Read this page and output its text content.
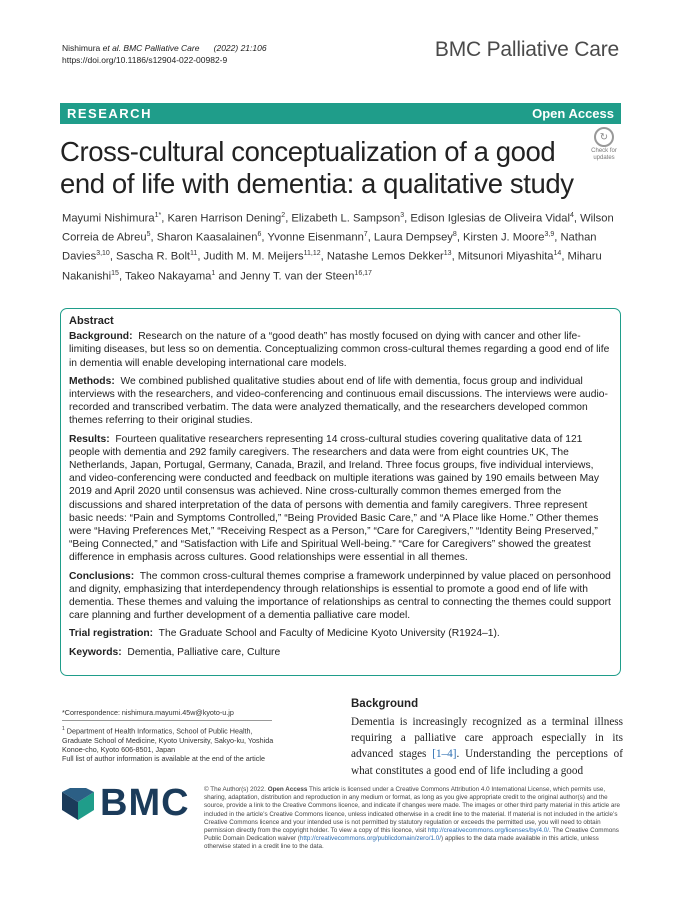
Nishimura et al. BMC Palliative Care (2022) 21:106
https://doi.org/10.1186/s12904-022-00982-9	BMC Palliative Care
RESEARCH	Open Access
Cross-cultural conceptualization of a good end of life with dementia: a qualitative study
↻
Check for
updates
Mayumi Nishimura$^{1*}$, Karen Harrison Dening$^2$, Elizabeth L. Sampson$^3$, Edison Iglesias de Oliveira Vidal$^4$, Wilson Correia de Abreu$^5$, Sharon Kaasalainen$^6$, Yvonne Eisenmann$^7$, Laura Dempsey$^8$, Kirsten J. Moore$^{3,9}$, Nathan Davies$^{3,10}$, Sascha R. Bolt$^{11}$, Judith M. M. Meijers$^{11,12}$, Natashe Lemos Dekker$^{13}$, Mitsunori Miyashita$^{14}$, Miharu Nakanishi$^{15}$, Takeo Nakayama$^1$ and Jenny T. van der Steen$^{16,17}$
Abstract

Background: Research on the nature of a “good death” has mostly focused on dying with cancer and other life-limiting diseases, but less so on dementia. Conceptualizing common cross-cultural themes regarding a good end of life in dementia will enable developing international care models.

Methods: We combined published qualitative studies about end of life with dementia, focus group and individual interviews with the researchers, and video-conferencing and continuous email discussions. The interviews were audio-recorded and transcribed verbatim. The data were analyzed thematically, and the researchers developed common themes referring to their original studies.

Results: Fourteen qualitative researchers representing 14 cross-cultural studies covering qualitative data of 121 people with dementia and 292 family caregivers. The researchers and data were from eight countries UK, The Netherlands, Japan, Portugal, Germany, Canada, Brazil, and Ireland. Three focus groups, five individual interviews, and video-conferencing were conducted and feedback on multiple iterations was gained by 190 emails between May 2019 and April 2020 until consensus was achieved. Nine cross-culturally common themes emerged from the discussions and shared interpretation of the data of persons with dementia and family caregivers. Three represent basic needs: “Pain and Symptoms Controlled,” “Being Provided Basic Care,” and “A Place like Home.” Other themes were “Having Preferences Met,” “Receiving Respect as a Person,” “Care for Caregivers,” “Identity Being Preserved,” “Being Connected,” and “Satisfaction with Life and Spiritual Well-being.” “Care for Caregivers” showed the greatest difference in emphasis across cultures. Good relationships were essential in all themes.

Conclusions: The common cross-cultural themes comprise a framework underpinned by value placed on personhood and dignity, emphasizing that interdependency through relationships is essential to promote a good end of life with dementia. These themes and valuing the importance of relationships as central to connecting the themes could support care planning and further development of a dementia palliative care model.

Trial registration: The Graduate School and Faculty of Medicine Kyoto University (R1924–1).

Keywords: Dementia, Palliative care, Culture

*Correspondence: nishimura.mayumi.45w@kyoto-u.jp

$^1$ Department of Health Informatics, School of Public Health, Graduate School of Medicine, Kyoto University, Sakyo-ku, Yoshida Konoe-cho, Kyoto 606-8501, Japan

Full list of author information is available at the end of the article

Background
Dementia is increasingly recognized as a terminal illness requiring a palliative care approach especially in its advanced stages [1–4]. Understanding the perceptions of what constitutes a good end of life including a good
BMC © The Author(s) 2022. Open Access This article is licensed under a Creative Commons Attribution 4.0 International License, which permits use, sharing, adaptation, distribution and reproduction in any medium or format, as long as you give appropriate credit to the original author(s) and the source, provide a link to the Creative Commons licence, and indicate if changes were made. The images or other third party material in this article are included in the article’s Creative Commons licence, unless indicated otherwise in a credit line to the material. If material is not included in the article’s Creative Commons licence and your intended use is not permitted by statutory regulation or exceeds the permitted use, you will need to obtain permission directly from the copyright holder. To view a copy of this licence, visit http://creativecommons.org/licenses/by/4.0/. The Creative Commons Public Domain Dedication waiver (http://creativecommons.org/publicdomain/zero/1.0/) applies to the data made available in this article, unless otherwise stated in a credit line to the data.
